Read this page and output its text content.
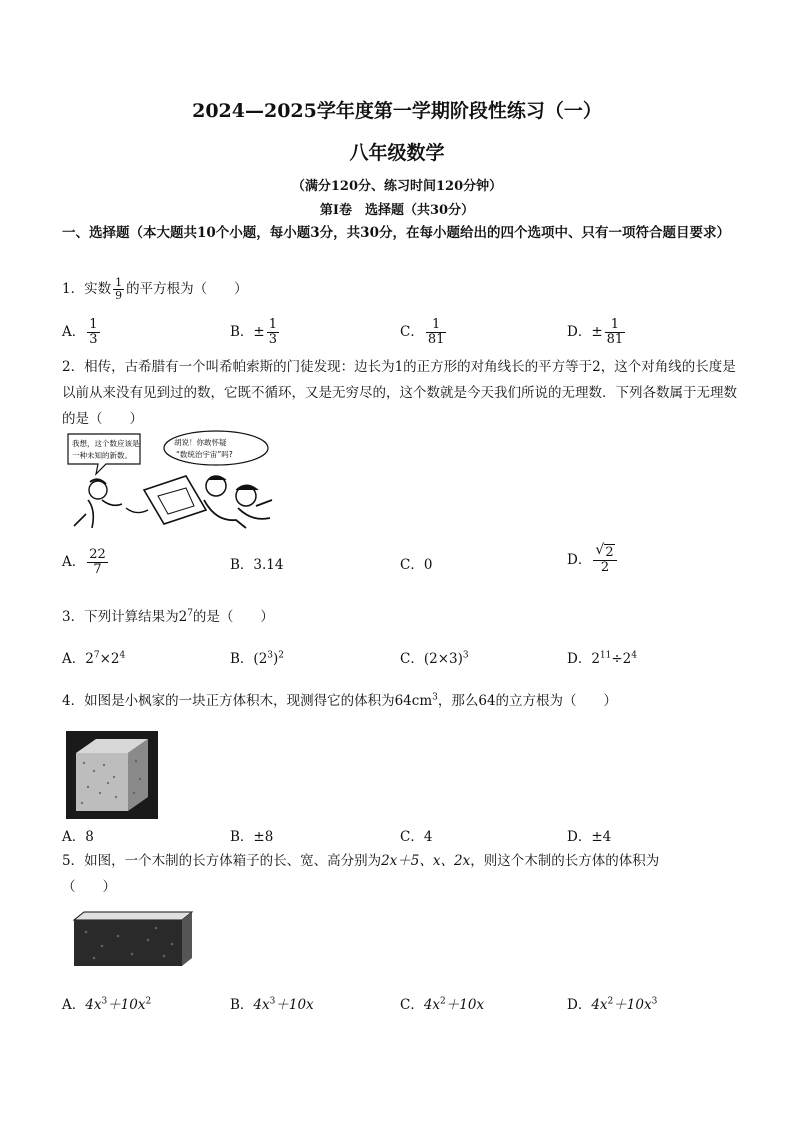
2024—2025学年度第一学期阶段性练习（一）
八年级数学
（满分120分、练习时间120分钟）
第Ⅰ卷　选择题（共30分）
一、选择题（本大题共10个小题，每小题3分，共30分，在每小题给出的四个选项中、只有一项符合题目要求）
1．实数 $\frac{1}{9}$ 的平方根为（　　）
A． $\frac{1}{3}$	B．± $\frac{1}{3}$	C． $\frac{1}{81}$	D．± $\frac{1}{81}$
2．相传，古希腊有一个叫希帕索斯的门徒发现：边长为1的正方形的对角线长的平方等于2，这个对角线的长度是以前从来没有见到过的数，它既不循环，又是无穷尽的，这个数就是今天我们所说的无理数．下列各数属于无理数的是（　　）
我想，这个数应该是
一种未知的新数。
胡说！你敢怀疑
“数统治宇宙”吗?
A． $\frac{22}{7}$	B．3.14	C．0	D． $\frac{√ 2}{2}$
3．下列计算结果为$2^7$的是（　　）
A．$2^7\times 2^4$	B．$(2^3)^2$	C．$(2\times 3)^3$	D．$2^{11}\div 2^4$
4．如图是小枫家的一块正方体积木，现测得它的体积为$64cm^3$，那么64的立方根为（　　）
A．8	B．±8	C．4	D．±4
5．如图，一个木制的长方体箱子的长、宽、高分别为2x＋5、x、2x，则这个木制的长方体的体积为
（　　）
A．$4x^3+10x^2$	B．$4x^3+10x$	C．$4x^2+10x$	D．$4x^2+10x^3$
